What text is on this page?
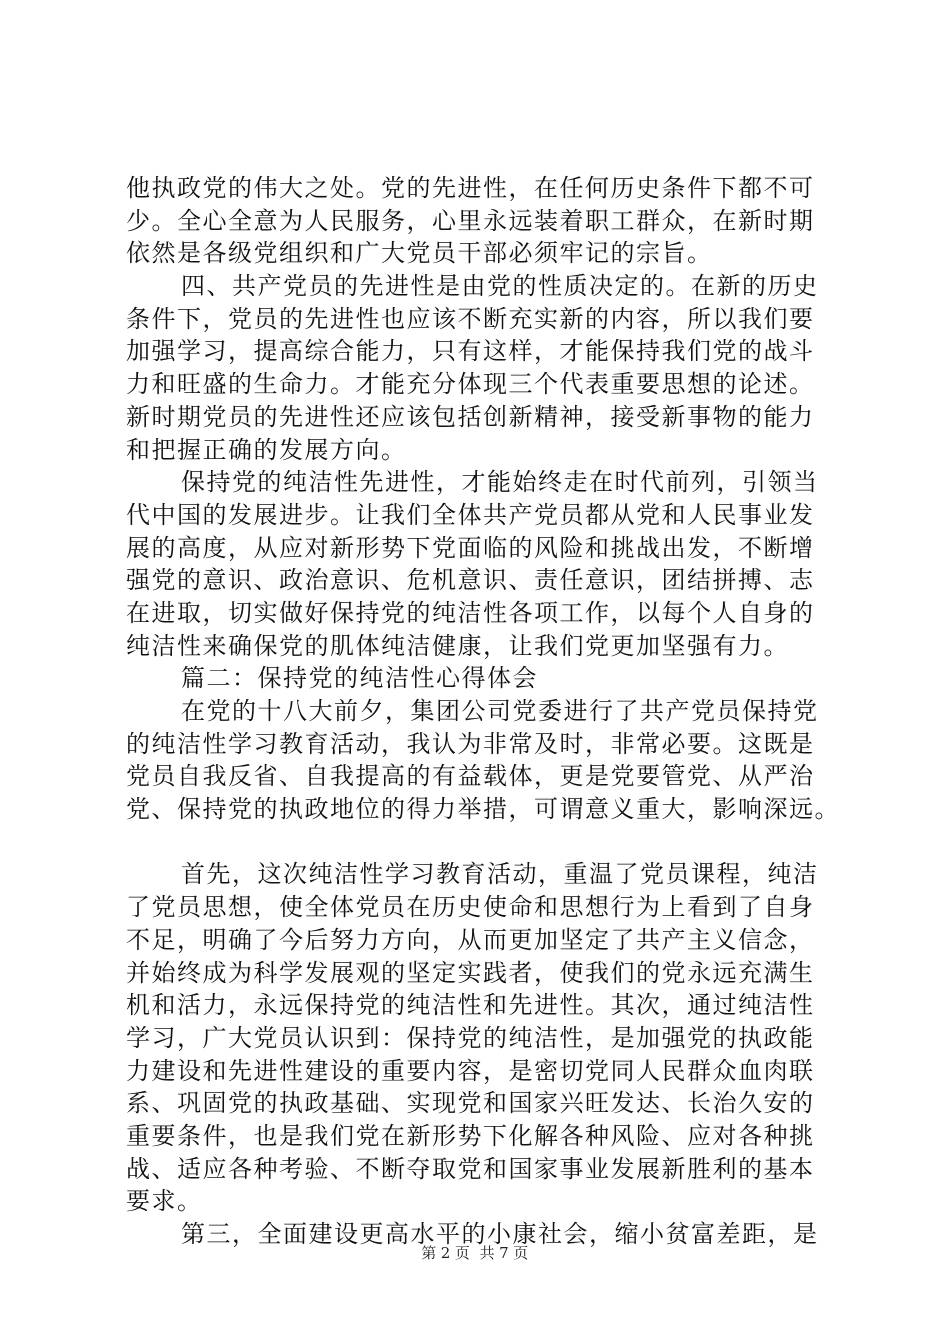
他执政党的伟大之处。党的先进性，在任何历史条件下都不可
少。全心全意为人民服务，心里永远装着职工群众，在新时期
依然是各级党组织和广大党员干部必须牢记的宗旨。
四、共产党员的先进性是由党的性质决定的。在新的历史
条件下，党员的先进性也应该不断充实新的内容，所以我们要
加强学习，提高综合能力，只有这样，才能保持我们党的战斗
力和旺盛的生命力。才能充分体现三个代表重要思想的论述。
新时期党员的先进性还应该包括创新精神，接受新事物的能力
和把握正确的发展方向。
保持党的纯洁性先进性，才能始终走在时代前列，引领当
代中国的发展进步。让我们全体共产党员都从党和人民事业发
展的高度，从应对新形势下党面临的风险和挑战出发，不断增
强党的意识、政治意识、危机意识、责任意识，团结拼搏、志
在进取，切实做好保持党的纯洁性各项工作，以每个人自身的
纯洁性来确保党的肌体纯洁健康，让我们党更加坚强有力。
篇二：保持党的纯洁性心得体会
在党的十八大前夕，集团公司党委进行了共产党员保持党
的纯洁性学习教育活动，我认为非常及时，非常必要。这既是
党员自我反省、自我提高的有益载体，更是党要管党、从严治
党、保持党的执政地位的得力举措，可谓意义重大，影响深远。
首先，这次纯洁性学习教育活动，重温了党员课程，纯洁
了党员思想，使全体党员在历史使命和思想行为上看到了自身
不足，明确了今后努力方向，从而更加坚定了共产主义信念，
并始终成为科学发展观的坚定实践者，使我们的党永远充满生
机和活力，永远保持党的纯洁性和先进性。其次，通过纯洁性
学习，广大党员认识到：保持党的纯洁性，是加强党的执政能
力建设和先进性建设的重要内容，是密切党同人民群众血肉联
系、巩固党的执政基础、实现党和国家兴旺发达、长治久安的
重要条件，也是我们党在新形势下化解各种风险、应对各种挑
战、适应各种考验、不断夺取党和国家事业发展新胜利的基本
要求。
第三，全面建设更高水平的小康社会，缩小贫富差距，是
第 2 页 共 7 页
